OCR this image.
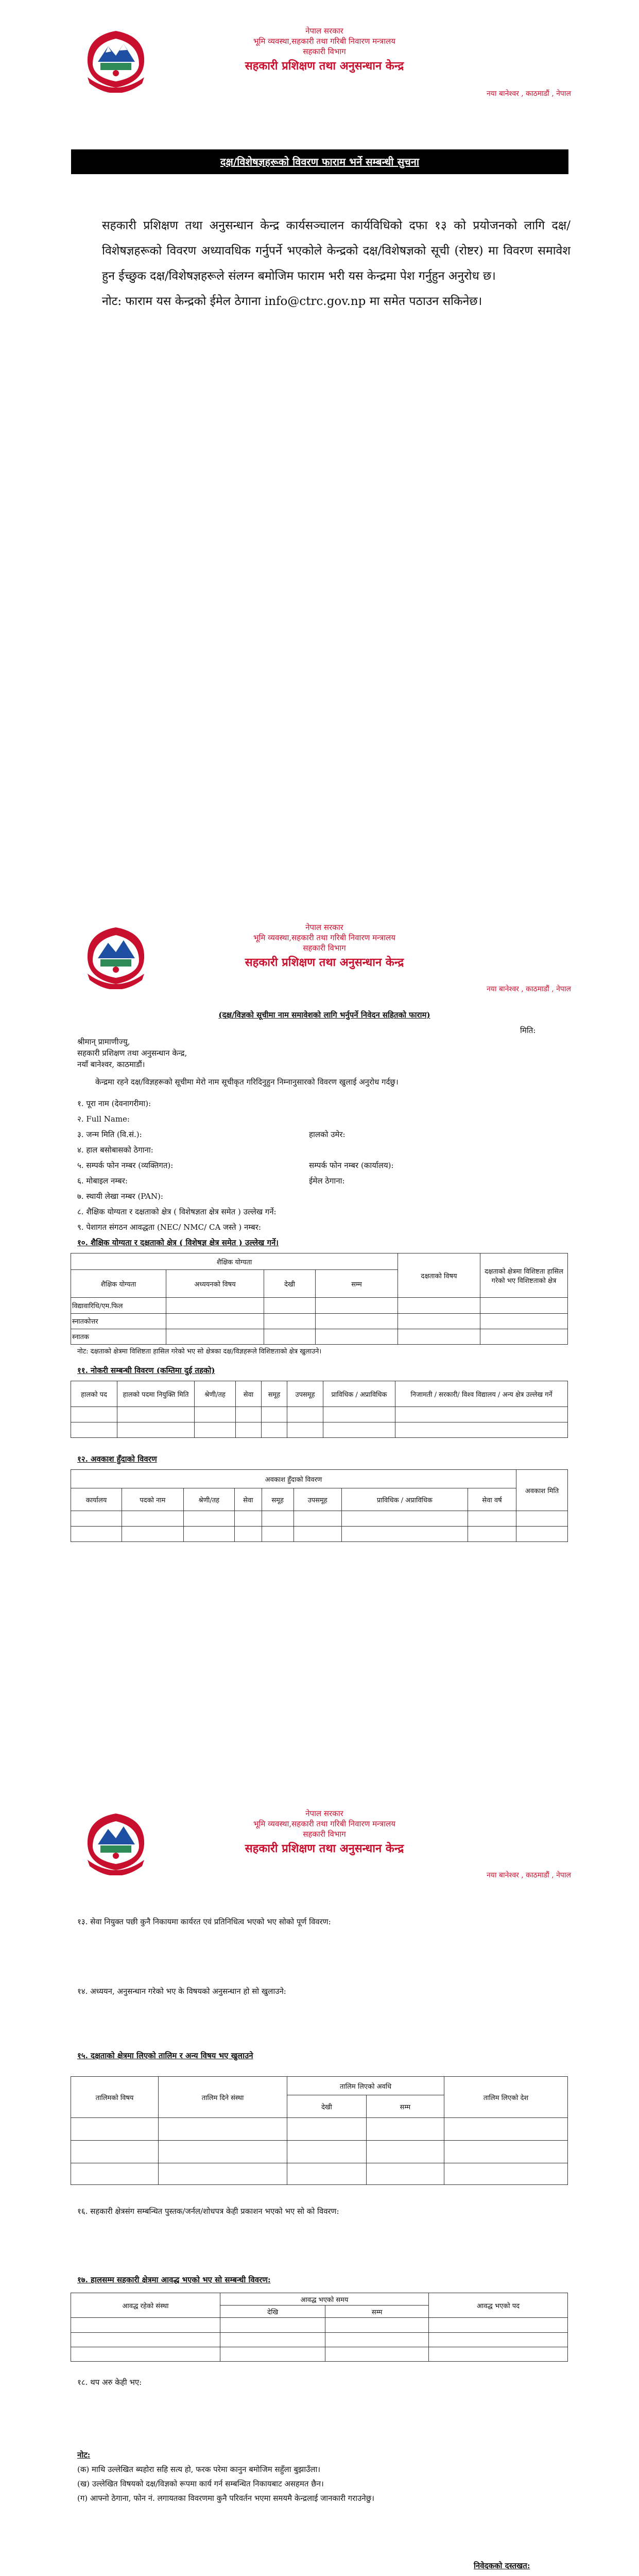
नेपाल सरकार
भूमि व्यवस्था,सहकारी तथा गरिबी निवारण मन्त्रालय
सहकारी विभाग
सहकारी प्रशिक्षण तथा अनुसन्धान केन्द्र
नया बानेश्वर , काठमाडौं , नेपाल
दक्ष/विशेषज्ञहरूको विवरण फाराम भर्ने सम्बन्धी सुचना

सहकारी प्रशिक्षण तथा अनुसन्धान केन्द्र कार्यसञ्चालन कार्यविधिको दफा १३ को प्रयोजनको लागि दक्ष/विशेषज्ञहरूको विवरण अध्यावधिक गर्नुपर्ने भएकोले केन्द्रको दक्ष/विशेषज्ञको सूची (रोष्टर) मा विवरण समावेश हुन ईच्छुक दक्ष/विशेषज्ञहरूले संलग्न बमोजिम फाराम भरी यस केन्द्रमा पेश गर्नुहुन अनुरोध छ।

नोट: फाराम यस केन्द्रको ईमेल ठेगाना info@ctrc.gov.np मा समेत पठाउन सकिनेछ।

नेपाल सरकार
भूमि व्यवस्था,सहकारी तथा गरिबी निवारण मन्त्रालय
सहकारी विभाग
सहकारी प्रशिक्षण तथा अनुसन्धान केन्द्र
नया बानेश्वर , काठमाडौं , नेपाल
(दक्ष/विज्ञको सूचीमा नाम समावेशको लागि भर्नुपर्ने निवेदन सहितको फाराम)
मिति:
श्रीमान् प्रामाणीज्यु,
सहकारी प्रशिक्षण तथा अनुसन्धान केन्द्र,
नयाँ बानेश्वर, काठमाडौं।
केन्द्रमा रहने दक्ष/विज्ञहरूको सूचीमा मेरो नाम सूचीकृत गरिदिनुहुन निम्नानुसारको विवरण खुलाई अनुरोध गर्दछु।
१. पूरा नाम (देवनागरीमा):
२. Full Name:
३. जन्म मिति (वि.सं.):	हालको उमेर:
४. हाल बसोबासको ठेगाना:
५. सम्पर्क फोन नम्बर (व्यक्तिगत):	सम्पर्क फोन नम्बर (कार्यालय):
६. मोबाइल नम्बर:	ईमेल ठेगाना:
७. स्थायी लेखा नम्बर (PAN):
८. शैक्षिक योग्यता र दक्षताको क्षेत्र ( विशेषज्ञता क्षेत्र समेत ) उल्लेख गर्ने:
९. पेशागत संगठन आवद्धता (NEC/ NMC/ CA जस्ते ) नम्बर:
१०. शैक्षिक योग्यता र दक्षताको क्षेत्र ( विशेषज्ञ क्षेत्र समेत ) उल्लेख गर्ने।
शैक्षिक योग्यता				दक्षताको विषय	दक्षताको क्षेत्रमा विशिष्टता हासिल गरेको भए विशिष्टताको क्षेत्र
शैक्षिक योग्यता	अध्ययनको विषय	देखी	सम्म		
विद्यावारिधि/एम.फिल					
स्नातकोत्तर					
स्नातक					
नोट: दक्षताको क्षेत्रमा विशिष्टता हासिल गरेको भए सो क्षेत्रका दक्ष/विज्ञहरूले विशिष्टताको क्षेत्र खुलाउने।
११. नोकरी सम्बन्धी विवरण (कम्तिमा दुई तहको)
हालको पद	हालको पदमा नियुक्ति मिति	श्रेणी/तह	सेवा	समूह	उपसमूह	प्राविधिक / अप्राविधिक	निजामती / सरकारी/ विश्व विद्यालय / अन्य क्षेत्र उल्लेख गर्ने

१२. अवकाश हुँदाको विवरण
अवकाश हुँदाको विवरण								अवकाश मिति
कार्यालय	पदको नाम	श्रेणी/तह	सेवा	समूह	उपसमूह	प्राविधिक / अप्राविधिक	सेवा वर्ष	

नेपाल सरकार
भूमि व्यवस्था,सहकारी तथा गरिबी निवारण मन्त्रालय
सहकारी विभाग
सहकारी प्रशिक्षण तथा अनुसन्धान केन्द्र
नया बानेश्वर , काठमाडौं , नेपाल
१३. सेवा नियुक्त पछी कुनै निकायमा कार्यरत एवं प्रतिनिधित्व भएको भए सोको पूर्ण विवरण:
१४. अध्ययन, अनुसन्धान गरेको भए के विषयको अनुसन्धान हो सो खुलाउने:
१५. दक्षताको क्षेत्रमा लिएको तालिम र अन्य विषय भए खुलाउने
तालिमको विषय	तालिम दिने संस्था	तालिम लिएको अवधि		तालिम लिएको देश
		देखी	सम्म	

१६. सहकारी क्षेत्रसंग सम्बन्धित पुस्तक/जर्नल/शोधपत्र केही प्रकाशन भएको भए सो को विवरण:
१७. हालसम्म सहकारी क्षेत्रमा आवद्ध भएको भए सो सम्बन्धी विवरण:
आवद्ध रहेको संस्था	आवद्ध भएको समय		आवद्ध भएको पद
	देखि	सम्म	

१८. थप अरु केही भए:
नोट:
(क) माथि उल्लेखित ब्यहोरा सहि सत्य हो, फरक परेमा कानुन बमोजिम सहुँला बुझाउँला।
(ख) उल्लेखित विषयको दक्ष/विज्ञको रूपमा कार्य गर्न सम्बन्धित निकायबाट असहमत छैन।
(ग) आफ्नो ठेगाना, फोन नं. लगायतका विवरणमा कुनै परिवर्तन भएमा समयमै केन्द्रलाई जानकारी गराउनेछु।
निवेदकको दस्तखत:
